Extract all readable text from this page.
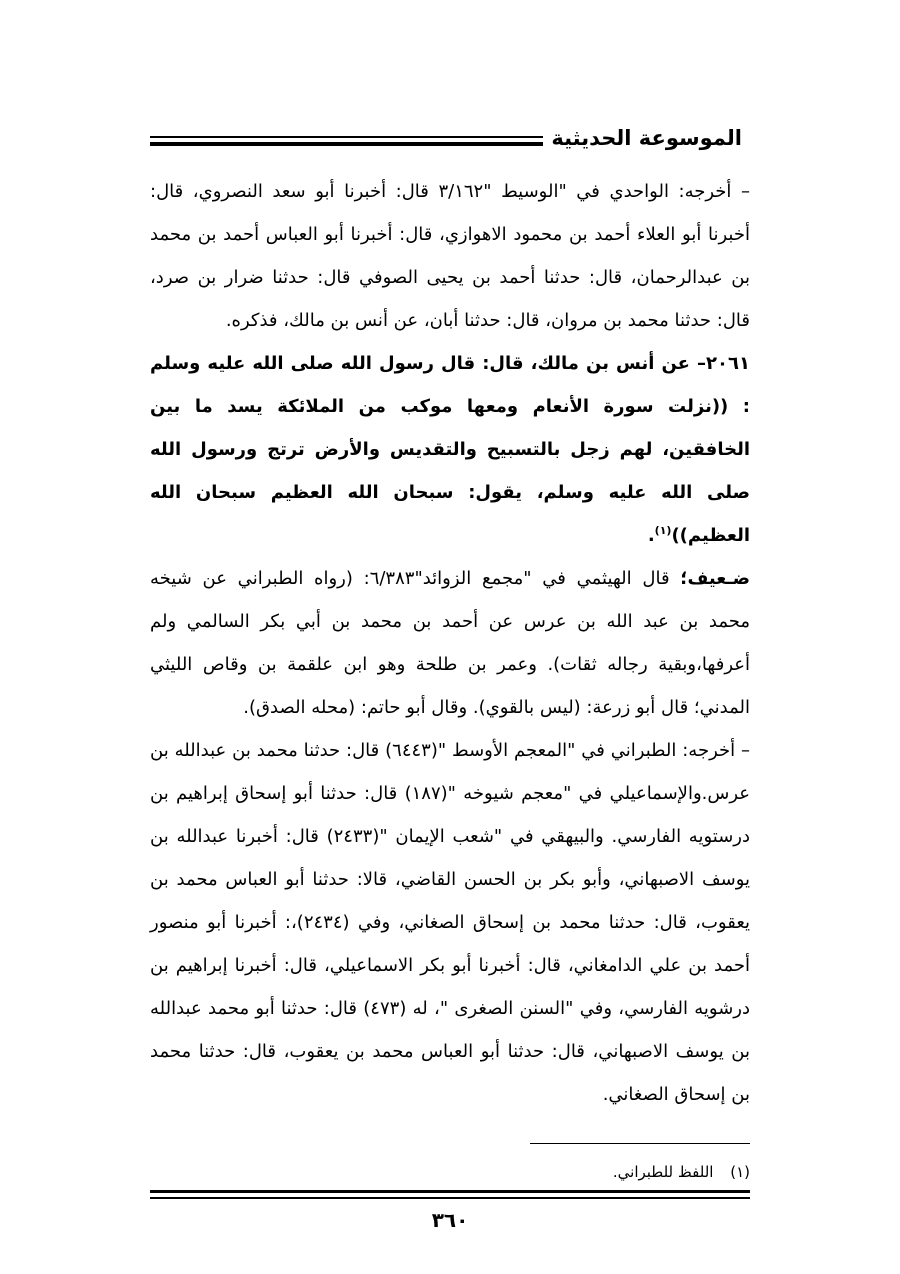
الموسوعة الحديثية

– أخرجه: الواحدي في "الوسيط "٣/١٦٢ قال: أخبرنا أبو سعد النصروي، قال: أخبرنا أبو العلاء أحمد بن محمود الاهوازي، قال: أخبرنا أبو العباس أحمد بن محمد بن عبدالرحمان، قال: حدثنا أحمد بن يحيى الصوفي قال: حدثنا ضرار بن صرد، قال: حدثنا محمد بن مروان، قال: حدثنا أبان، عن أنس بن مالك، فذكره.

٢٠٦١– عن أنس بن مالك، قال: قال رسول الله صلى الله عليه وسلم : ((نزلت سورة الأنعام ومعها موكب من الملائكة يسد ما بين الخافقين، لهم زجل بالتسبيح والتقديس والأرض ترتج ورسول الله صلى الله عليه وسلم، يقول: سبحان الله العظيم سبحان الله العظيم))$^{(١)}$.

ضـعيف؛ قال الهيثمي في "مجمع الزوائد"٦/٣٨٣: (رواه الطبراني عن شيخه محمد بن عبد الله بن عرس عن أحمد بن محمد بن أبي بكر السالمي ولم أعرفها،وبقية رجاله ثقات). وعمر بن طلحة وهو ابن علقمة بن وقاص الليثي المدني؛ قال أبو زرعة: (ليس بالقوي). وقال أبو حاتم: (محله الصدق).

– أخرجه: الطبراني في "المعجم الأوسط "(٦٤٤٣) قال: حدثنا محمد بن عبدالله بن عرس.والإسماعيلي في "معجم شيوخه "(١٨٧) قال: حدثنا أبو إسحاق إبراهيم بن درستويه الفارسي. والبيهقي في "شعب الإيمان "(٢٤٣٣) قال: أخبرنا عبدالله بن يوسف الاصبهاني، وأبو بكر بن الحسن القاضي، قالا: حدثنا أبو العباس محمد بن يعقوب، قال: حدثنا محمد بن إسحاق الصغاني، وفي (٢٤٣٤)،: أخبرنا أبو منصور أحمد بن علي الدامغاني، قال: أخبرنا أبو بكر الاسماعيلي، قال: أخبرنا إبراهيم بن درشويه الفارسي، وفي "السنن الصغرى "، له (٤٧٣) قال: حدثنا أبو محمد عبدالله بن يوسف الاصبهاني، قال: حدثنا أبو العباس محمد بن يعقوب، قال: حدثنا محمد بن إسحاق الصغاني.

(١) اللفظ للطبراني.
٣٦٠
